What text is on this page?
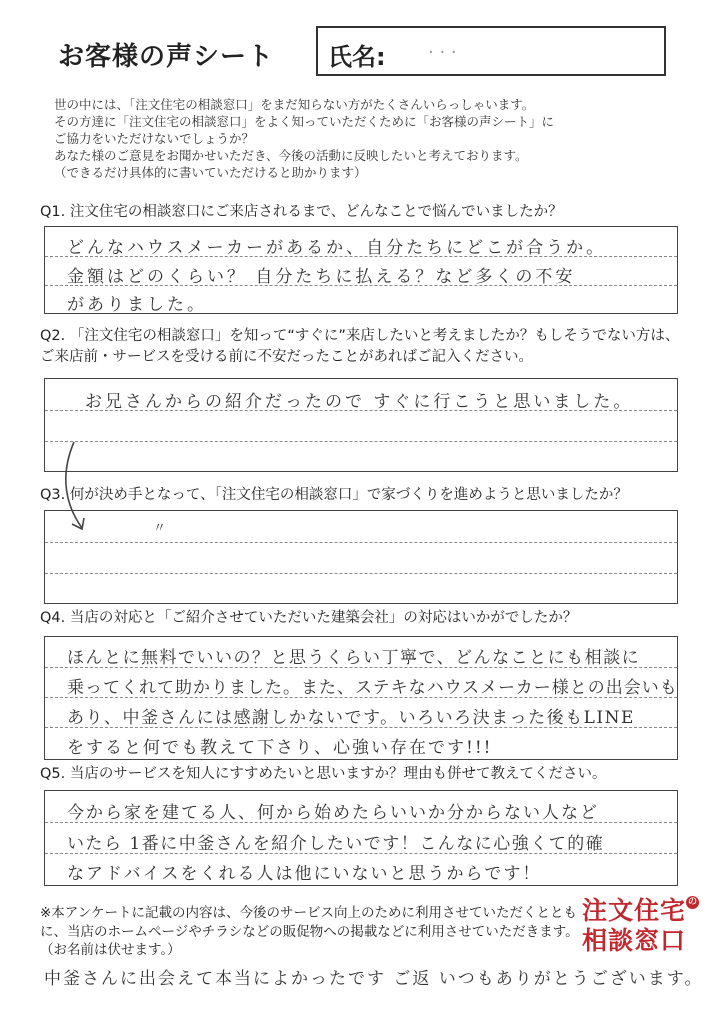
お客様の声シート 氏名: · · ·
世の中には、「注文住宅の相談窓口」をまだ知らない方がたくさんいらっしゃいます。
その方達に「注文住宅の相談窓口」をよく知っていただくために「お客様の声シート」に
ご協力をいただけないでしょうか？
あなた様のご意見をお聞かせいただき、今後の活動に反映したいと考えております。
（できるだけ具体的に書いていただけると助かります）
Q1. 注文住宅の相談窓口にご来店されるまで、どんなことで悩んでいましたか？
どんなハウスメーカーがあるか、自分たちにどこが合うか。
金額はどのくらい？ 自分たちに払える？など多くの不安
がありました。
Q2. 「注文住宅の相談窓口」を知って“すぐに”来店したいと考えましたか？もしそうでない方は、ご来店前・サービスを受ける前に不安だったことがあればご記入ください。
お兄さんからの紹介だったので すぐに行こうと思いました。
Q3. 何が決め手となって、「注文住宅の相談窓口」で家づくりを進めようと思いましたか？
〃
Q4. 当店の対応と「ご紹介させていただいた建築会社」の対応はいかがでしたか？
ほんとに無料でいいの？と思うくらい丁寧で、どんなことにも相談に
乗ってくれて助かりました。また、ステキなハウスメーカー様との出会いも
あり、中釜さんには感謝しかないです。いろいろ決まった後もLINE
をすると何でも教えて下さり、心強い存在です!!!
Q5. 当店のサービスを知人にすすめたいと思いますか？理由も併せて教えてください。
今から家を建てる人、何から始めたらいいか分からない人など
いたら 1番に中釜さんを紹介したいです！こんなに心強くて的確
なアドバイスをくれる人は他にいないと思うからです！
※本アンケートに記載の内容は、今後のサービス向上のために利用させていただくとともに、当店のホームページやチラシなどの販促物への掲載などに利用させていただきます。（お名前は伏せます。）
注文住宅 の
相談窓口
中釜さんに出会えて本当によかったです ご返 いつもありがとうございます。
